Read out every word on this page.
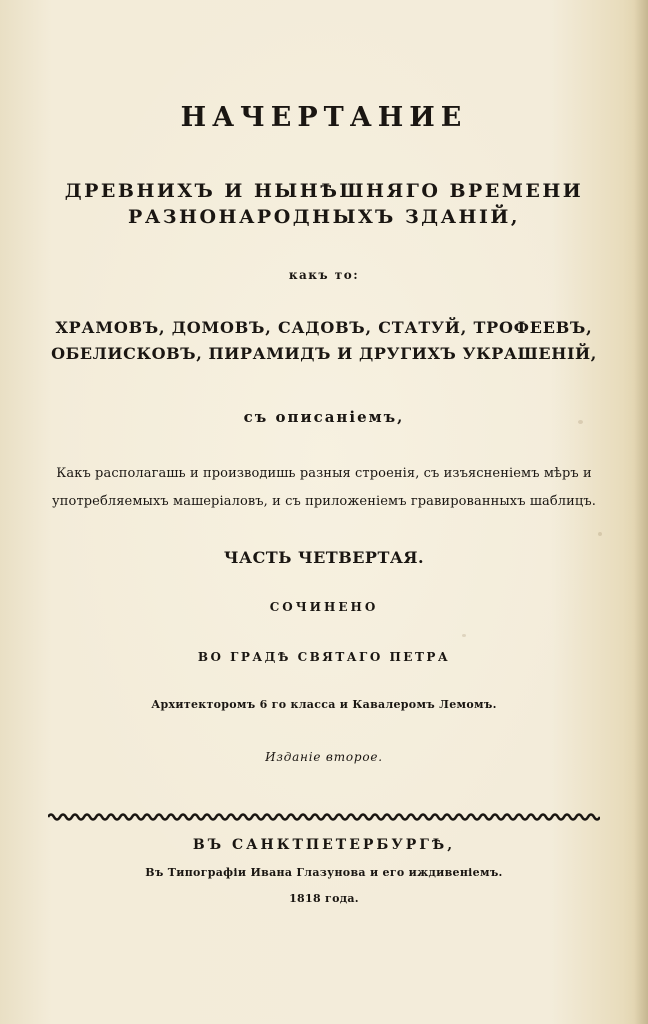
НАЧЕРТАНИЕ
ДРЕВНИХЪ И НЫНѢШНЯГО ВРЕМЕНИ
РАЗНОНАРОДНЫХЪ ЗДАНІЙ,
какъ то:
ХРАМОВЪ, ДОМОВЪ, САДОВЪ, СТАТУЙ, ТРОФЕЕВЪ,
ОБЕЛИСКОВЪ, ПИРАМИДЪ И ДРУГИХЪ УКРАШЕНІЙ,
съ описаніемъ,
Какъ располагашь и производишь разныя строенія, съ изъясненіемъ мѣръ и
употребляемыхъ машеріаловъ, и съ приложеніемъ гравированныхъ шаблицъ.
ЧАСТЬ ЧЕТВЕРТАЯ.
СОЧИНЕНО
ВО ГРАДѢ СВЯТАГО ПЕТРА
Архитекторомъ 6 го класса и Кавалеромъ Лемомъ.
Изданіе второе.
ВЪ САНКТПЕТЕРБУРГѢ,
Въ Типографіи Ивана Глазунова и его иждивеніемъ.
1818 года.
